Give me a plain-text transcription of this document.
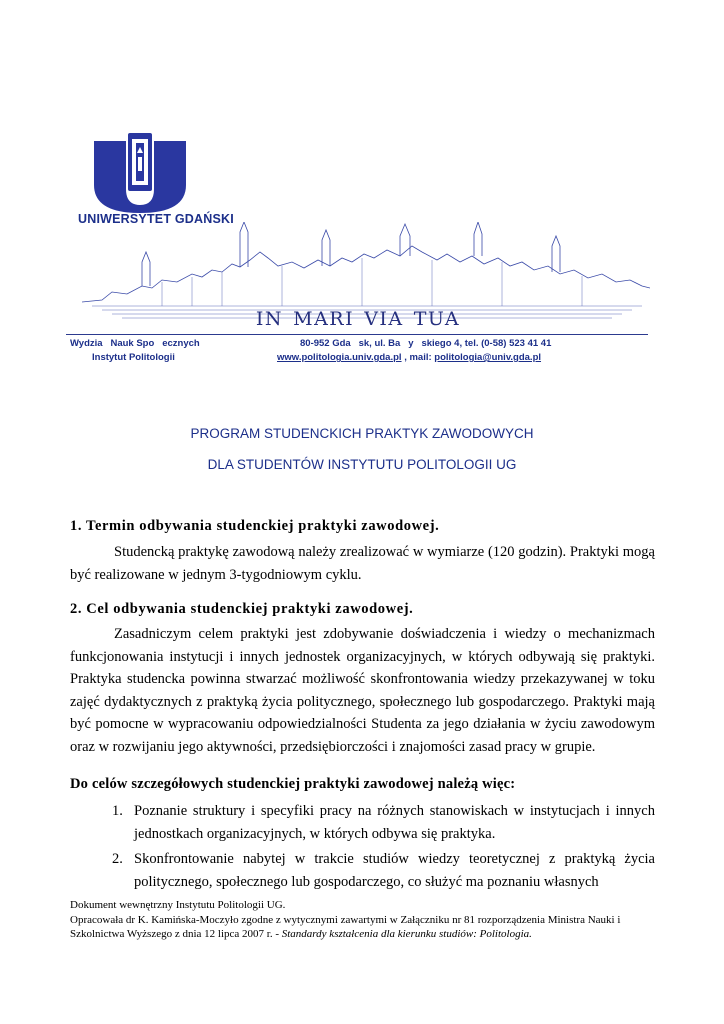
UNIWERSYTET GDAŃSKI
in mari via tua
Wydzia   Nauk Spo   ecznych	80-952 Gda   sk, ul. Ba   y   skiego 4, tel. (0-58) 523 41 41
Instytut Politologii	www.politologia.univ.gda.pl , mail: politologia@univ.gda.pl
PROGRAM STUDENCKICH PRAKTYK ZAWODOWYCH
DLA STUDENTÓW INSTYTUTU POLITOLOGII UG
1. Termin odbywania studenckiej praktyki zawodowej.

Studencką praktykę zawodową należy zrealizować w wymiarze (120 godzin). Praktyki mogą być realizowane w jednym 3-tygodniowym cyklu.

2. Cel odbywania studenckiej praktyki zawodowej.

Zasadniczym celem praktyki jest zdobywanie doświadczenia i wiedzy o mechanizmach funkcjonowania instytucji i innych jednostek organizacyjnych, w których odbywają się praktyki. Praktyka studencka powinna stwarzać możliwość skonfrontowania wiedzy przekazywanej w toku zajęć dydaktycznych z praktyką życia politycznego, społecznego lub gospodarczego. Praktyki mają być pomocne w wypracowaniu odpowiedzialności Studenta za jego działania w życiu zawodowym oraz w rozwijaniu jego aktywności, przedsiębiorczości i znajomości zasad pracy w grupie.

Do celów szczegółowych studenckiej praktyki zawodowej należą więc:
1. Poznanie struktury i specyfiki pracy na różnych stanowiskach w instytucjach i innych jednostkach organizacyjnych, w których odbywa się praktyka.
2. Skonfrontowanie nabytej w trakcie studiów wiedzy teoretycznej z praktyką życia politycznego, społecznego lub gospodarczego, co służyć ma poznaniu własnych
Dokument wewnętrzny Instytutu Politologii UG.
Opracowała dr K. Kamińska-Moczyło zgodne z wytycznymi zawartymi w Załączniku nr 81 rozporządzenia Ministra Nauki i Szkolnictwa Wyższego z dnia 12 lipca 2007 r. - Standardy kształcenia dla kierunku studiów: Politologia.
